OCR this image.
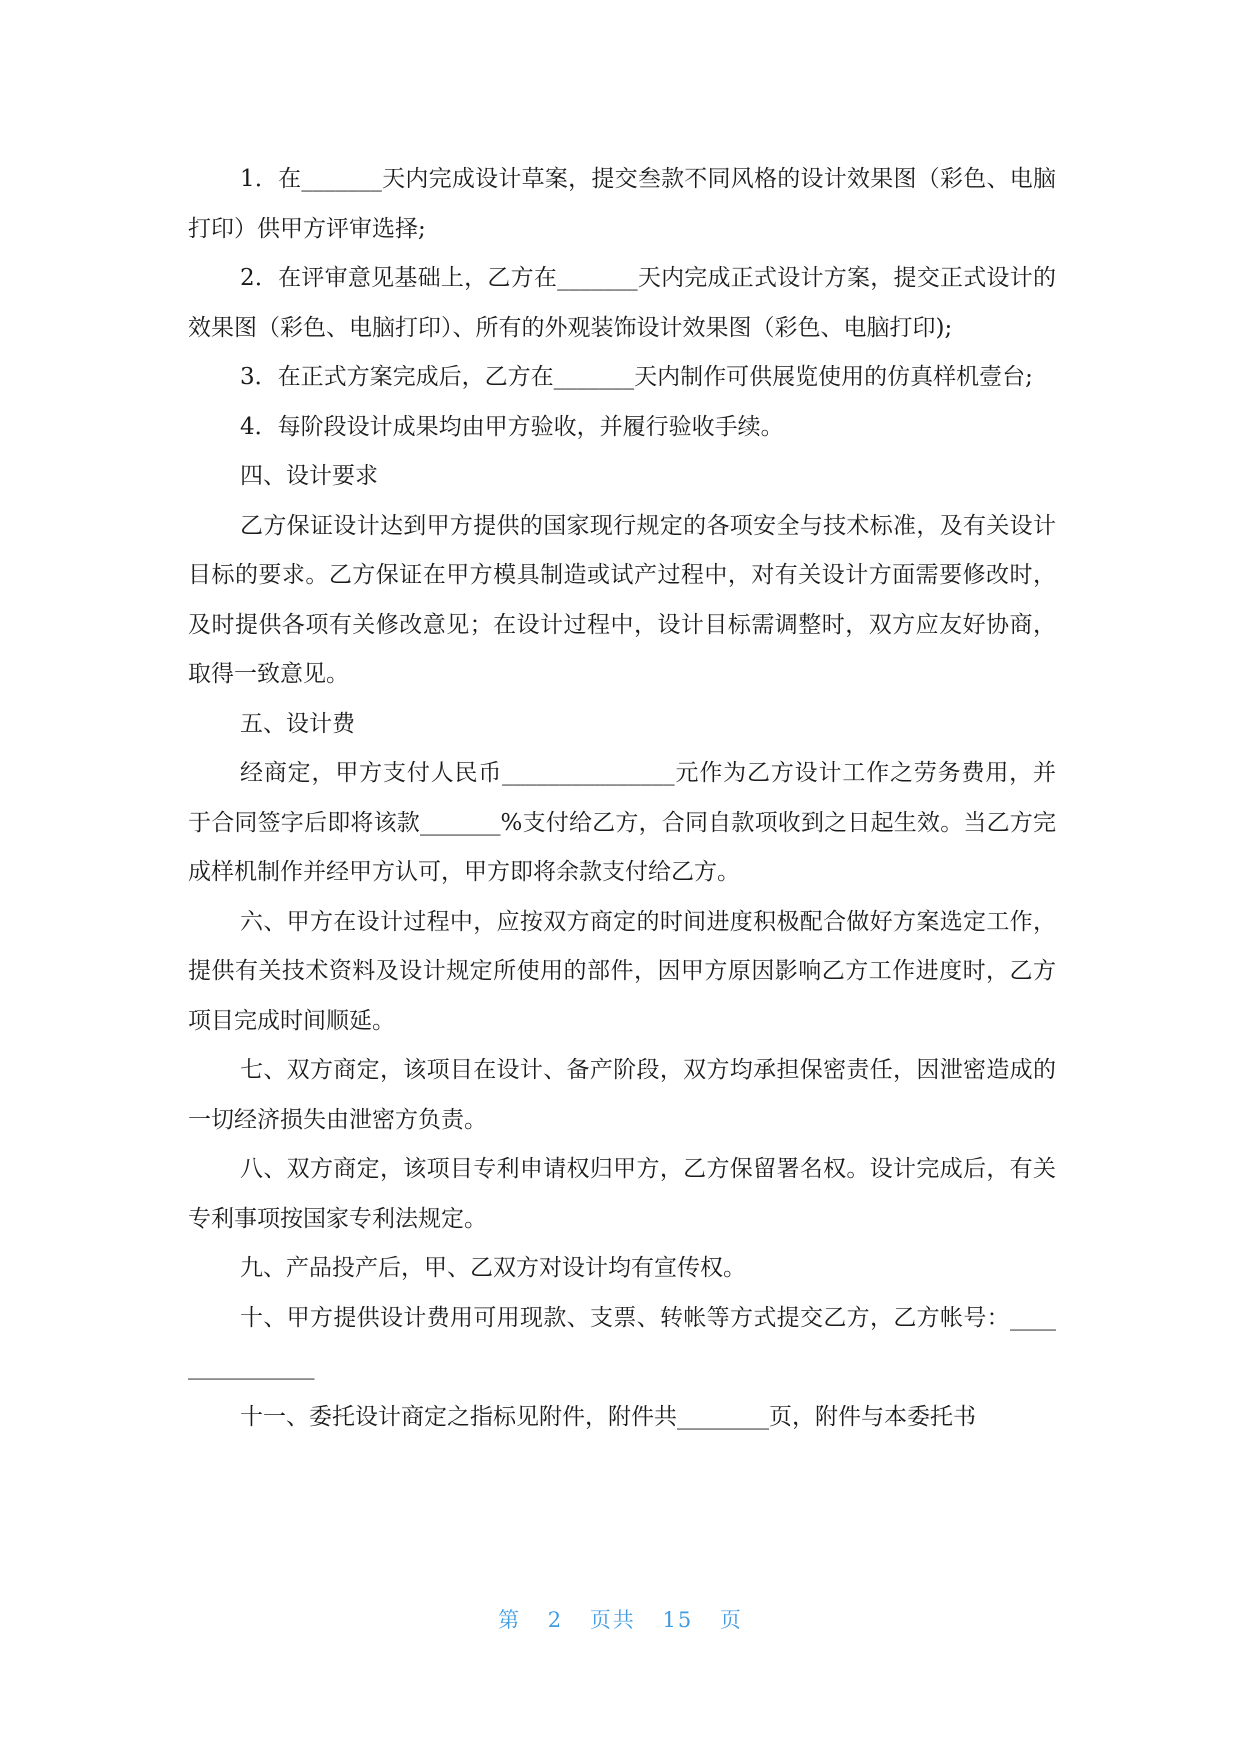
1．在_______天内完成设计草案，提交叁款不同风格的设计效果图（彩色、电脑打印）供甲方评审选择;

2．在评审意见基础上，乙方在_______天内完成正式设计方案，提交正式设计的效果图（彩色、电脑打印）、所有的外观装饰设计效果图（彩色、电脑打印);

3．在正式方案完成后，乙方在_______天内制作可供展览使用的仿真样机壹台;

4．每阶段设计成果均由甲方验收，并履行验收手续。

四、设计要求

乙方保证设计达到甲方提供的国家现行规定的各项安全与技术标准，及有关设计目标的要求。乙方保证在甲方模具制造或试产过程中，对有关设计方面需要修改时，及时提供各项有关修改意见；在设计过程中，设计目标需调整时，双方应友好协商，取得一致意见。

五、设计费

经商定，甲方支付人民币_______________元作为乙方设计工作之劳务费用，并于合同签字后即将该款_______%支付给乙方，合同自款项收到之日起生效。当乙方完成样机制作并经甲方认可，甲方即将余款支付给乙方。

六、甲方在设计过程中，应按双方商定的时间进度积极配合做好方案选定工作，提供有关技术资料及设计规定所使用的部件，因甲方原因影响乙方工作进度时，乙方项目完成时间顺延。

七、双方商定，该项目在设计、备产阶段，双方均承担保密责任，因泄密造成的一切经济损失由泄密方负责。

八、双方商定，该项目专利申请权归甲方，乙方保留署名权。设计完成后，有关专利事项按国家专利法规定。

九、产品投产后，甲、乙双方对设计均有宣传权。

十、甲方提供设计费用可用现款、支票、转帐等方式提交乙方，乙方帐号：_______________

十一、委托设计商定之指标见附件，附件共________页，附件与本委托书

第 2 页共 15 页
